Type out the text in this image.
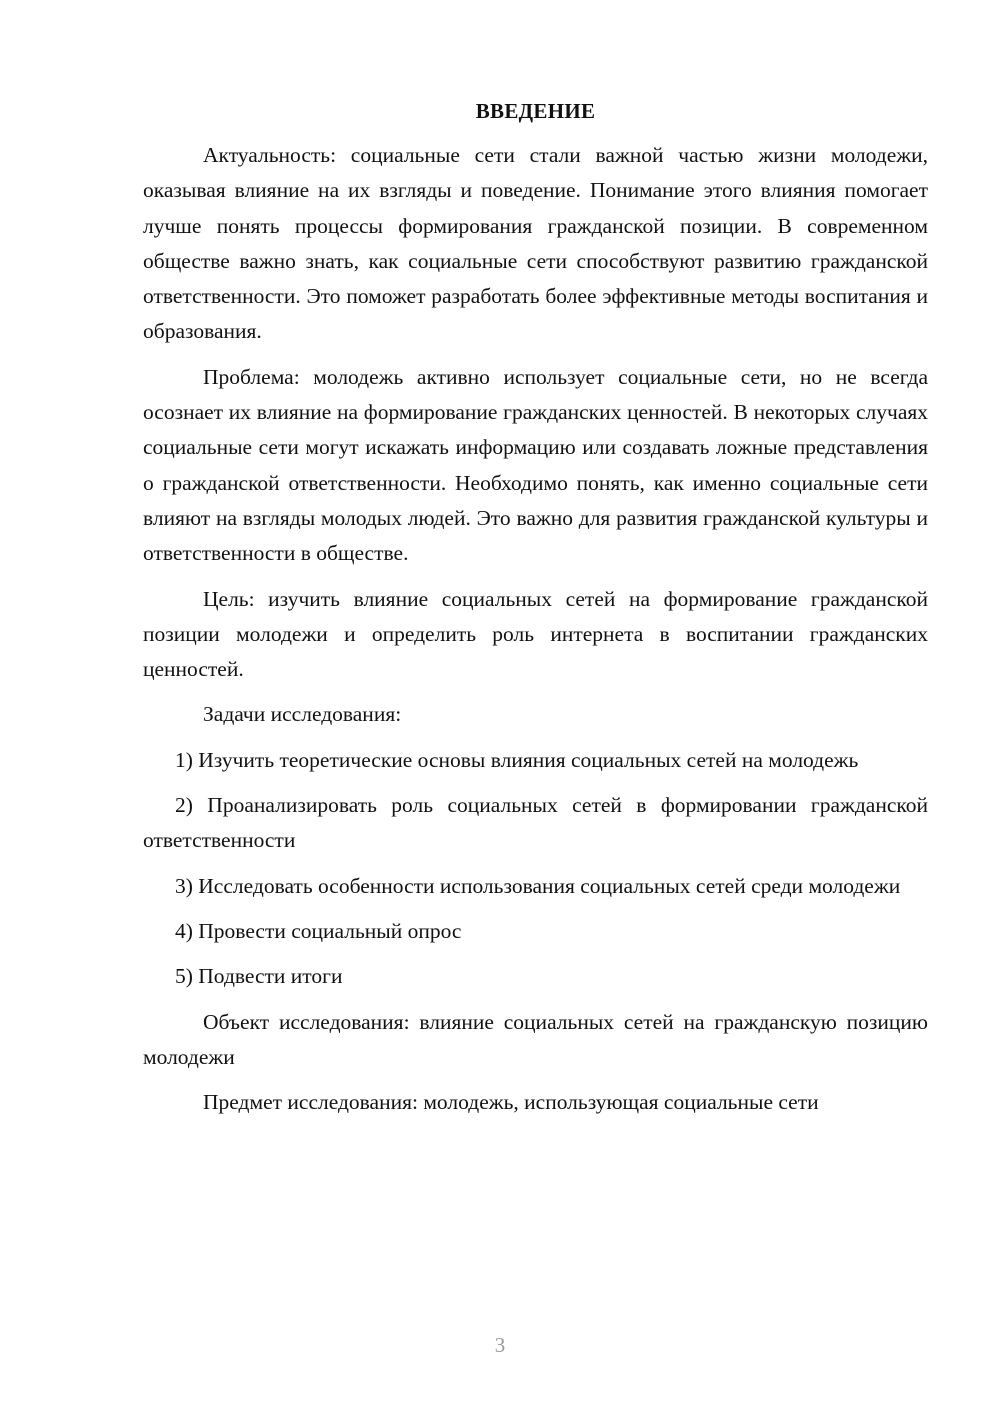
ВВЕДЕНИЕ

Актуальность: социальные сети стали важной частью жизни молодежи, оказывая влияние на их взгляды и поведение. Понимание этого влияния помогает лучше понять процессы формирования гражданской позиции. В современном обществе важно знать, как социальные сети способствуют развитию гражданской ответственности. Это поможет разработать более эффективные методы воспитания и образования.

Проблема: молодежь активно использует социальные сети, но не всегда осознает их влияние на формирование гражданских ценностей. В некоторых случаях социальные сети могут искажать информацию или создавать ложные представления о гражданской ответственности. Необходимо понять, как именно социальные сети влияют на взгляды молодых людей. Это важно для развития гражданской культуры и ответственности в обществе.

Цель: изучить влияние социальных сетей на формирование гражданской позиции молодежи и определить роль интернета в воспитании гражданских ценностей.

Задачи исследования:

1) Изучить теоретические основы влияния социальных сетей на молодежь

2) Проанализировать роль социальных сетей в формировании гражданской ответственности

3) Исследовать особенности использования социальных сетей среди молодежи

4) Провести социальный опрос

5) Подвести итоги

Объект исследования: влияние социальных сетей на гражданскую позицию молодежи

Предмет исследования: молодежь, использующая социальные сети

3
